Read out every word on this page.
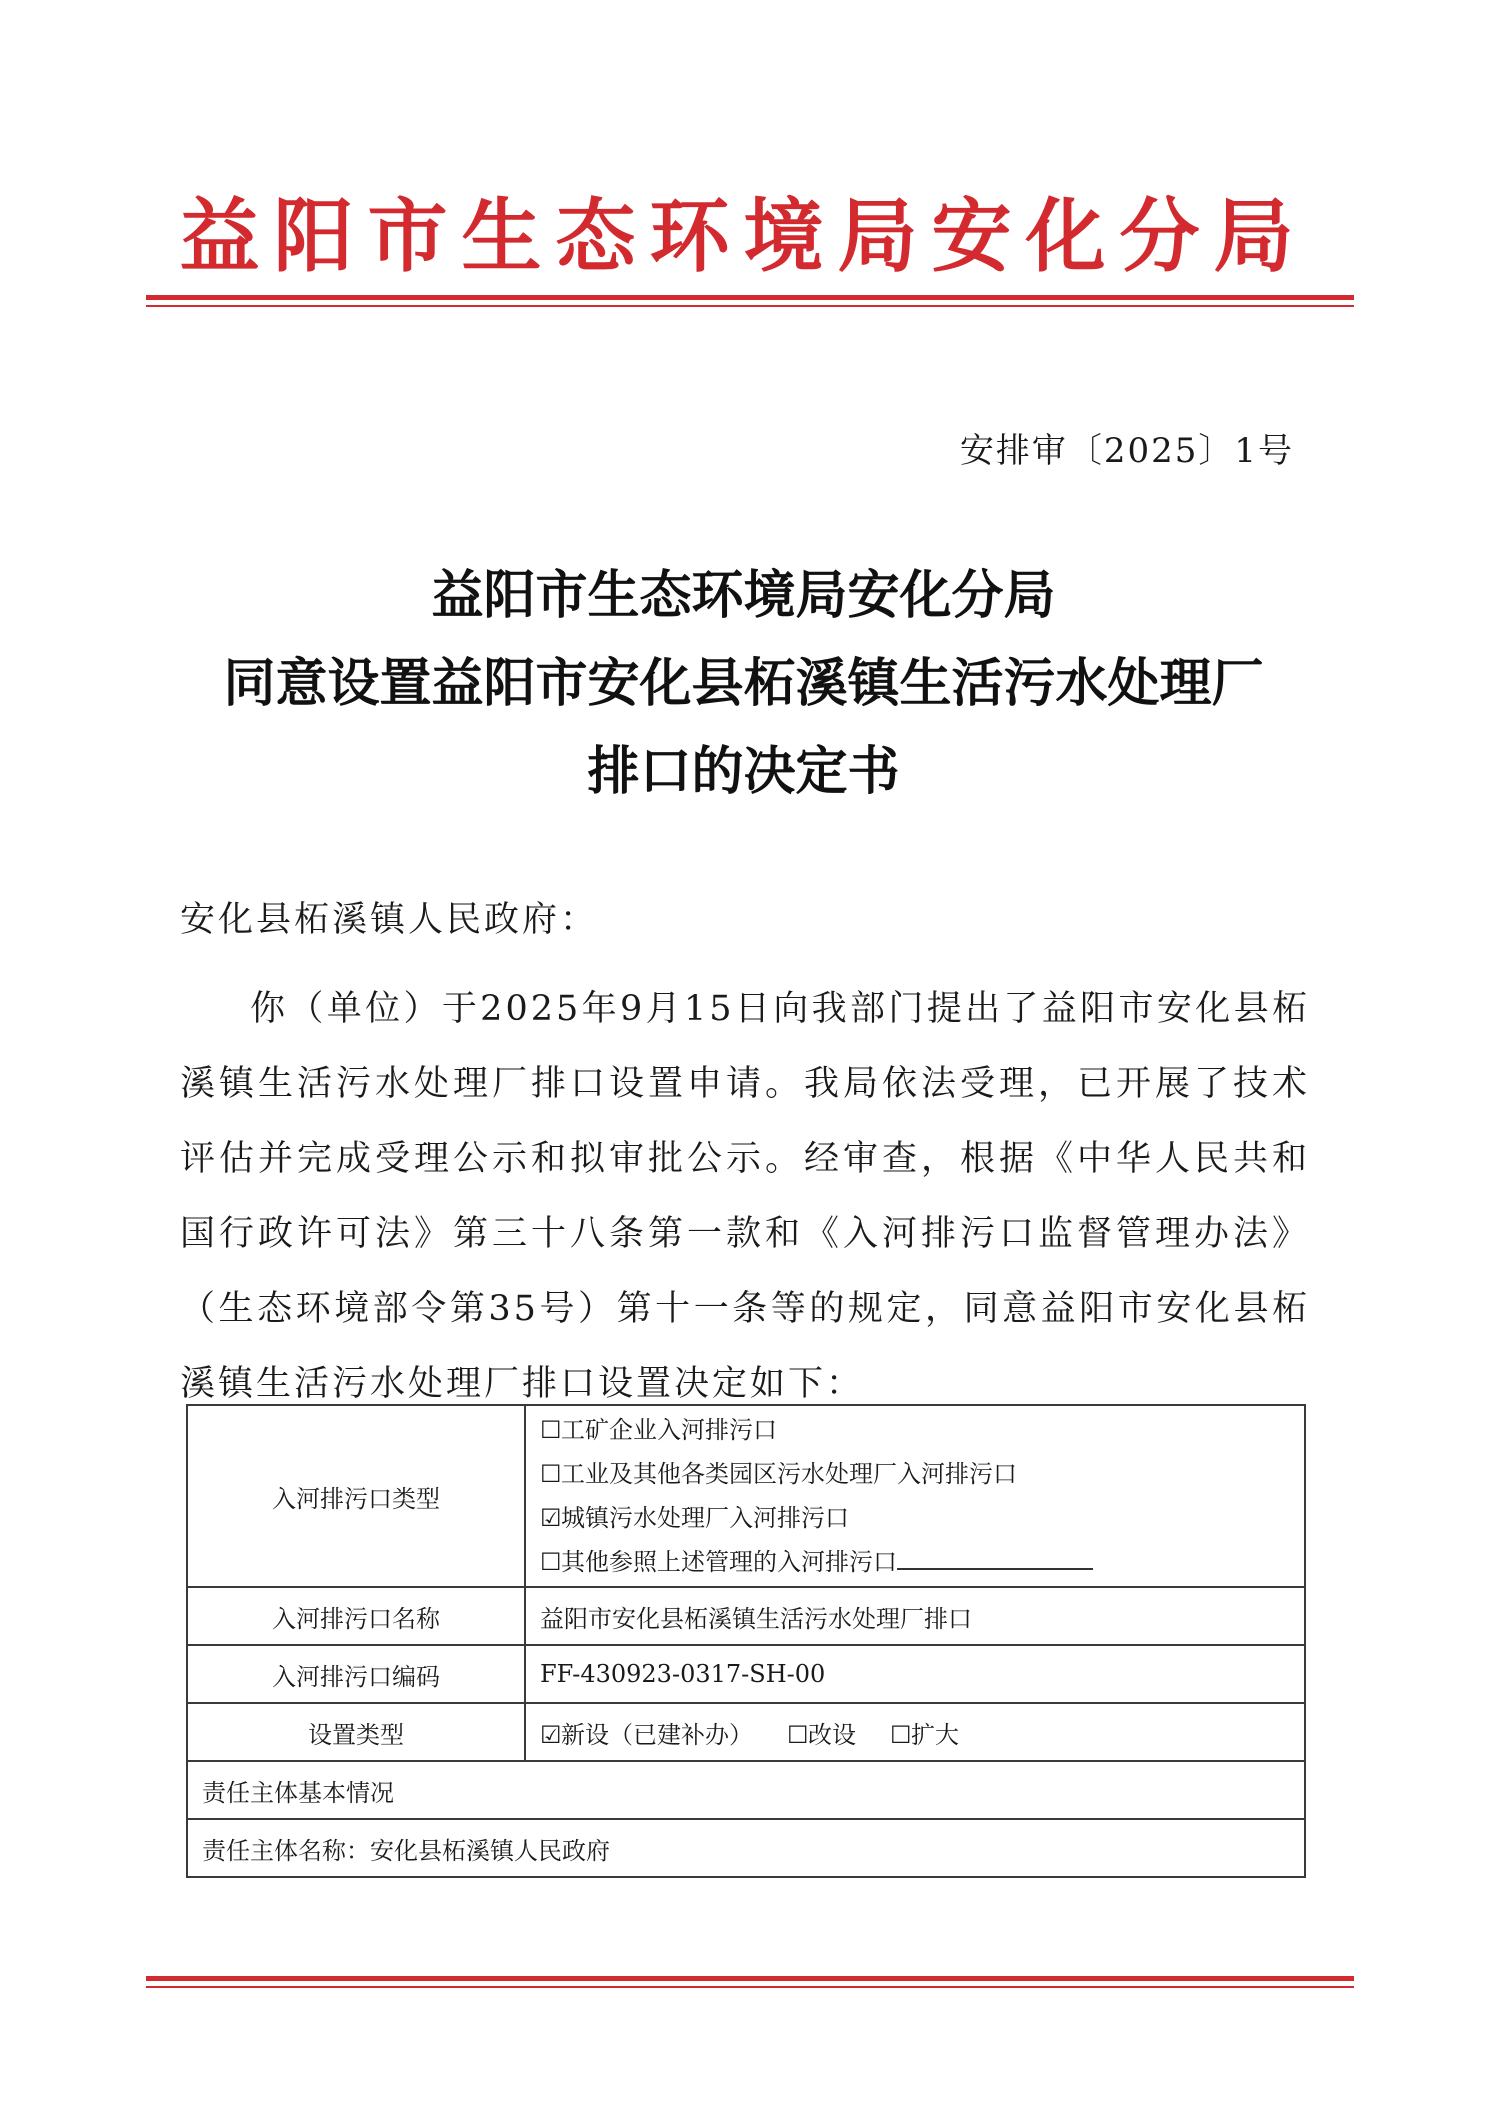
益阳市生态环境局安化分局
安排审〔2025〕1号
益阳市生态环境局安化分局
同意设置益阳市安化县柘溪镇生活污水处理厂
排口的决定书
安化县柘溪镇人民政府：
你（单位）于2025年9月15日向我部门提出了益阳市安化县柘溪镇生活污水处理厂排口设置申请。我局依法受理，已开展了技术评估并完成受理公示和拟审批公示。经审查，根据《中华人民共和国行政许可法》第三十八条第一款和《入河排污口监督管理办法》（生态环境部令第35号）第十一条等的规定，同意益阳市安化县柘溪镇生活污水处理厂排口设置决定如下：
入河排污口类型	☐工矿企业入河排污口
☐工业及其他各类园区污水处理厂入河排污口
☑城镇污水处理厂入河排污口
☐其他参照上述管理的入河排污口

入河排污口名称	益阳市安化县柘溪镇生活污水处理厂排口
入河排污口编码	FF-430923-0317-SH-00
设置类型	☑新设（已建补办） ☐改设 ☐扩大
责任主体基本情况	
责任主体名称：安化县柘溪镇人民政府	
